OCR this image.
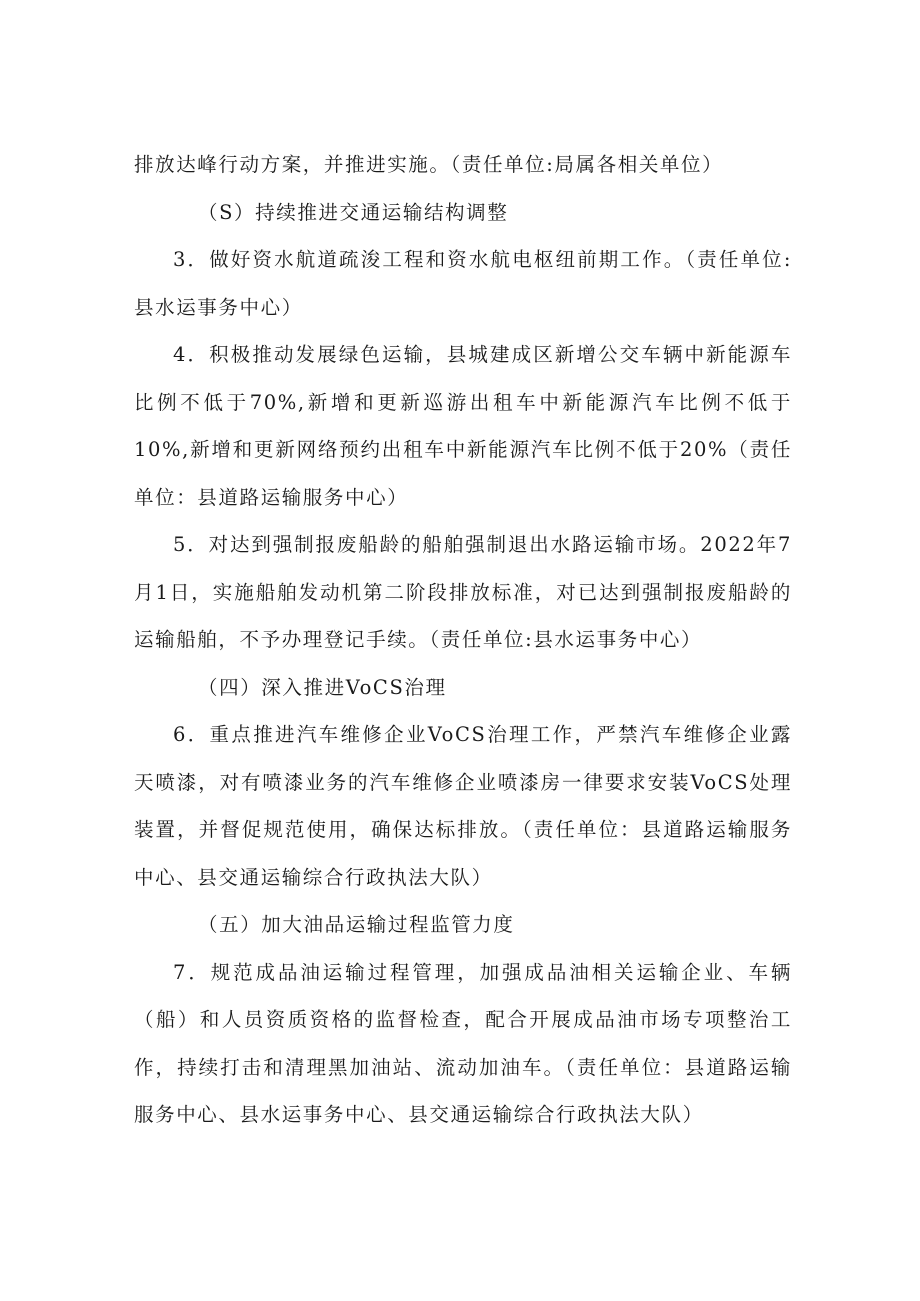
排放达峰行动方案，并推进实施。（责任单位:局属各相关单位）

（S）持续推进交通运输结构调整

3．做好资水航道疏浚工程和资水航电枢纽前期工作。（责任单位:县水运事务中心）

4．积极推动发展绿色运输，县城建成区新增公交车辆中新能源车比例不低于70%,新增和更新巡游出租车中新能源汽车比例不低于10%,新增和更新网络预约出租车中新能源汽车比例不低于20%（责任单位：县道路运输服务中心）

5．对达到强制报废船龄的船舶强制退出水路运输市场。2022年7月1日，实施船舶发动机第二阶段排放标准，对已达到强制报废船龄的运输船舶，不予办理登记手续。（责任单位:县水运事务中心）

（四）深入推进VoCS治理

6．重点推进汽车维修企业VoCS治理工作，严禁汽车维修企业露天喷漆，对有喷漆业务的汽车维修企业喷漆房一律要求安装VoCS处理装置，并督促规范使用，确保达标排放。（责任单位：县道路运输服务中心、县交通运输综合行政执法大队）

（五）加大油品运输过程监管力度

7．规范成品油运输过程管理，加强成品油相关运输企业、车辆（船）和人员资质资格的监督检查，配合开展成品油市场专项整治工作，持续打击和清理黑加油站、流动加油车。（责任单位：县道路运输服务中心、县水运事务中心、县交通运输综合行政执法大队）
